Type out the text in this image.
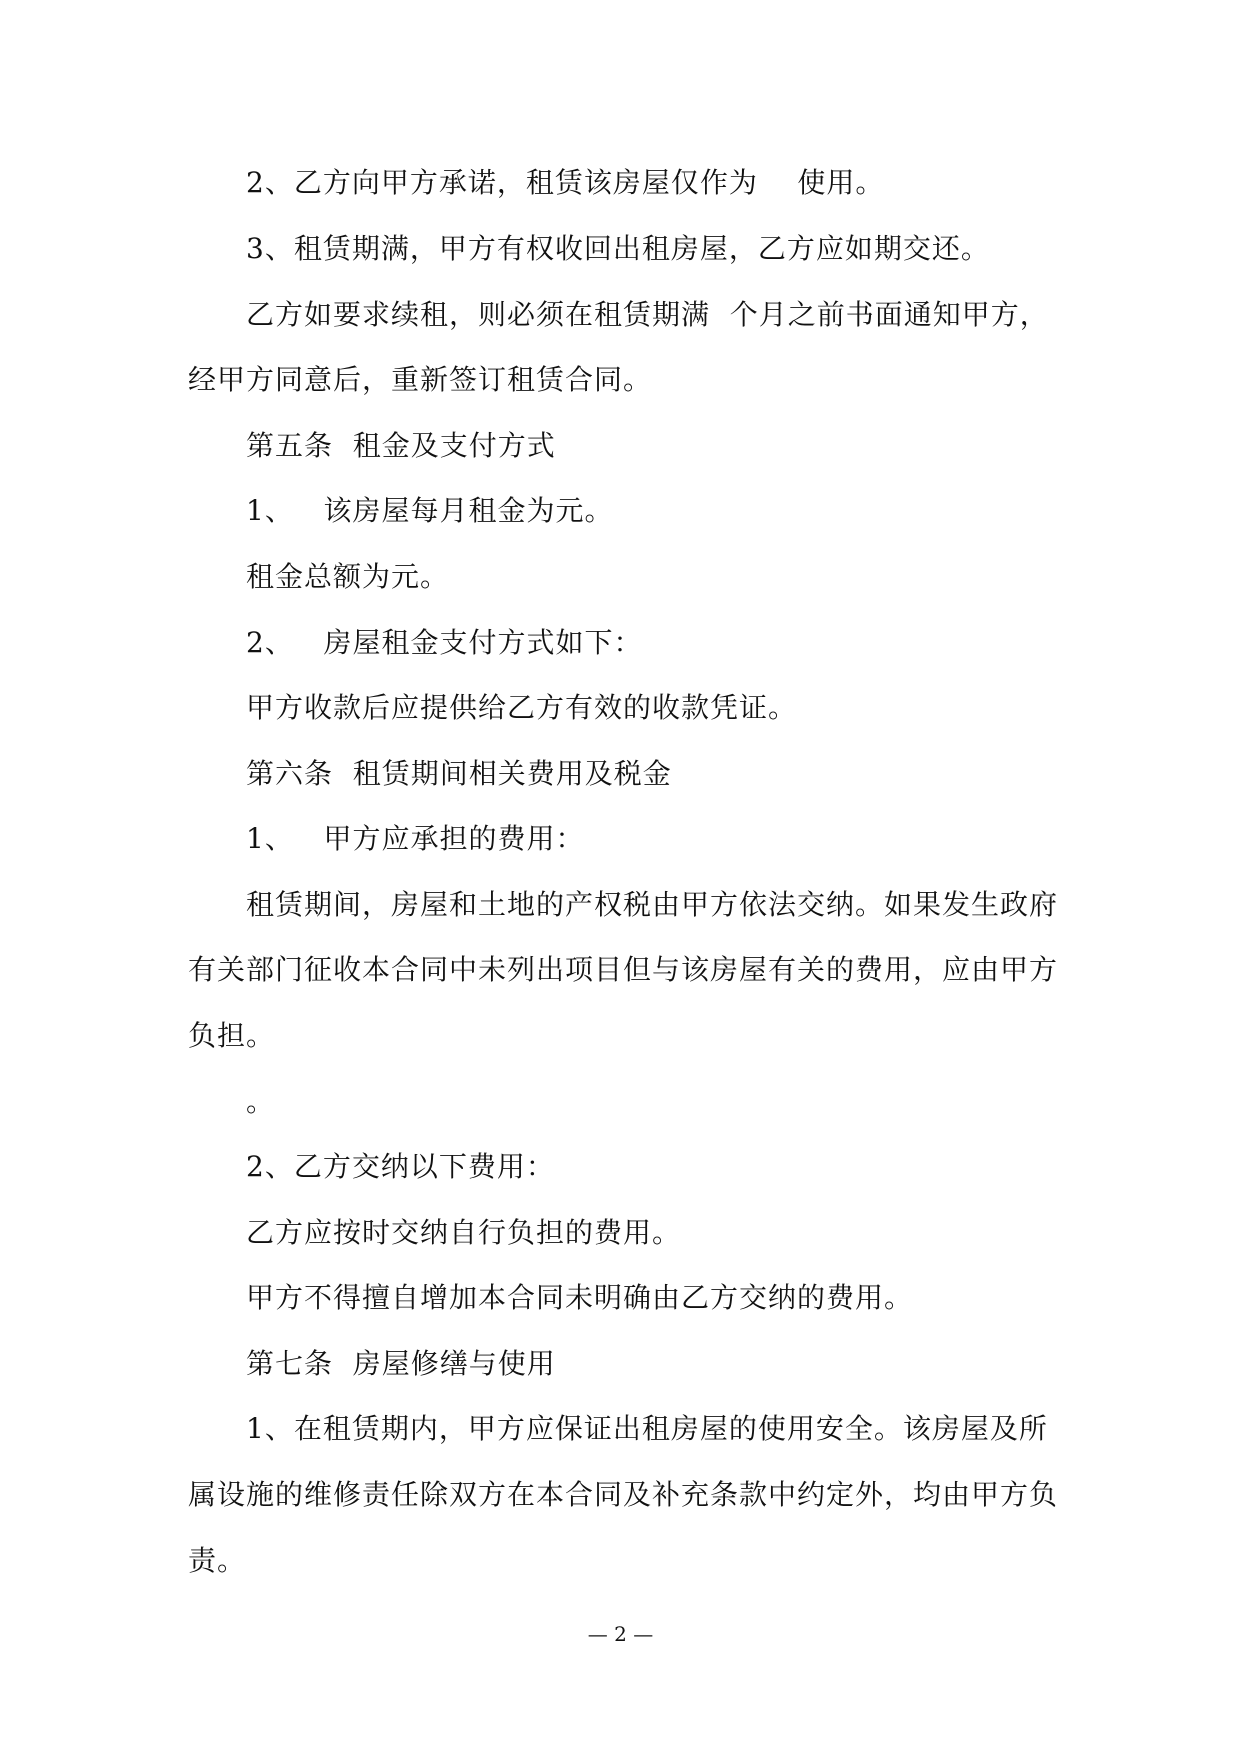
2、乙方向甲方承诺，租赁该房屋仅作为    使用。
3、租赁期满，甲方有权收回出租房屋，乙方应如期交还。
乙方如要求续租，则必须在租赁期满  个月之前书面通知甲方，
经甲方同意后，重新签订租赁合同。
第五条  租金及支付方式
1、   该房屋每月租金为元。
租金总额为元。
2、   房屋租金支付方式如下：
甲方收款后应提供给乙方有效的收款凭证。
第六条  租赁期间相关费用及税金
1、   甲方应承担的费用：
租赁期间，房屋和土地的产权税由甲方依法交纳。如果发生政府
有关部门征收本合同中未列出项目但与该房屋有关的费用，应由甲方
负担。
。
2、乙方交纳以下费用：
乙方应按时交纳自行负担的费用。
甲方不得擅自增加本合同未明确由乙方交纳的费用。
第七条  房屋修缮与使用
1、在租赁期内，甲方应保证出租房屋的使用安全。该房屋及所
属设施的维修责任除双方在本合同及补充条款中约定外，均由甲方负
责。
— 2 —
